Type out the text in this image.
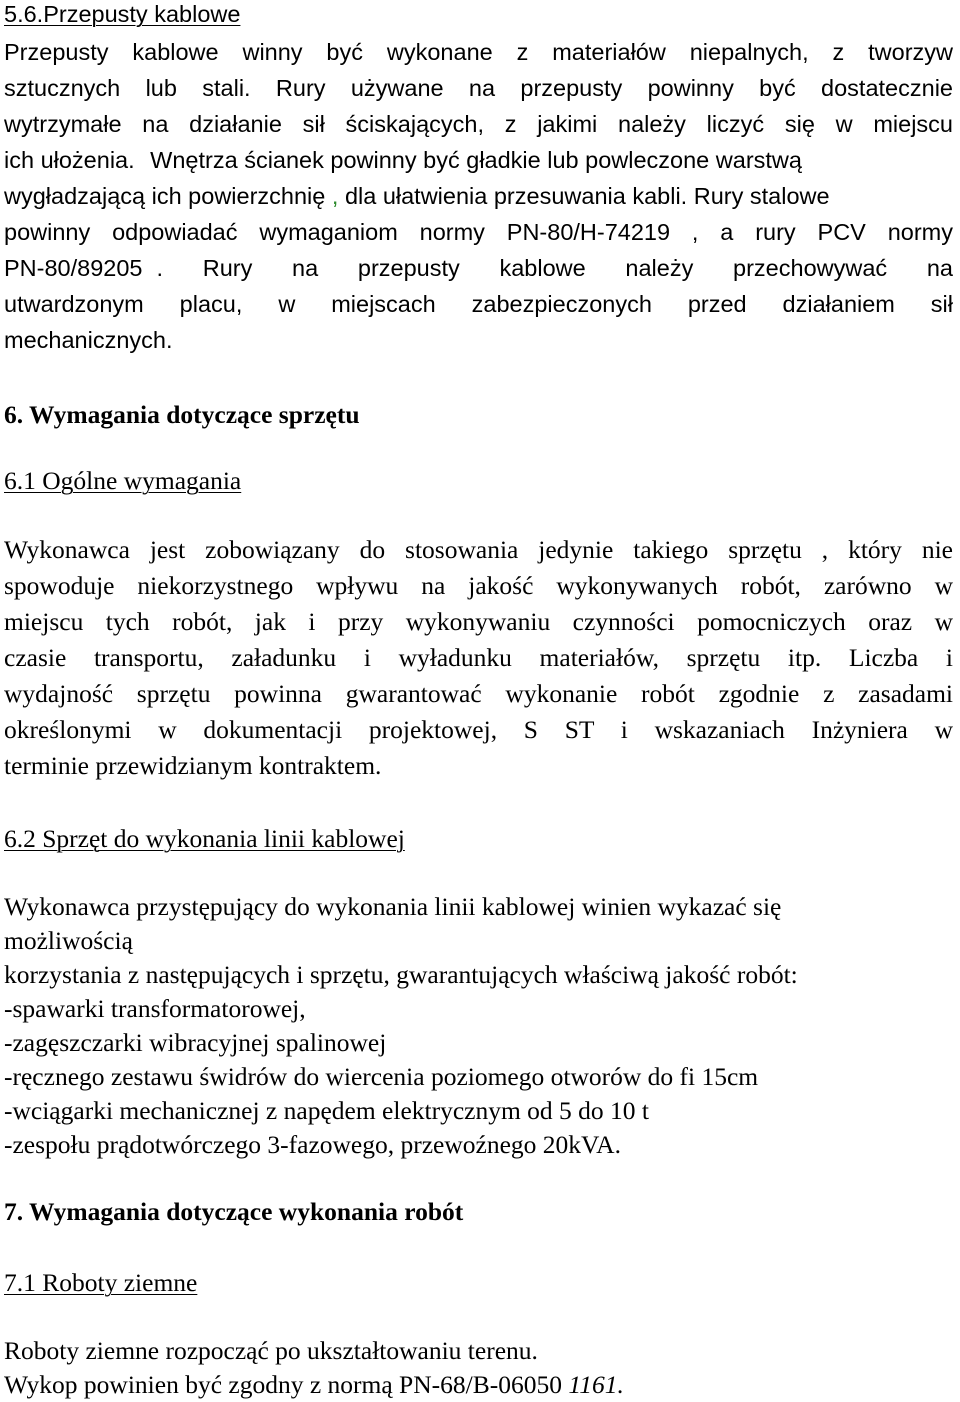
5.6.Przepusty kablowe
Przepusty kablowe winny być wykonane z materiałów niepalnych, z tworzyw
sztucznych lub stali. Rury używane na przepusty powinny być dostatecznie
wytrzymałe na działanie sił ściskających, z jakimi należy liczyć się w miejscu
ich ułożenia. Wnętrza ścianek powinny być gładkie lub powleczone warstwą
wygładzającą ich powierzchnię , dla ułatwienia przesuwania kabli. Rury stalowe
powinny odpowiadać wymaganiom normy PN-80/H-74219 , a rury PCV normy
PN-80/89205 . Rury na przepusty kablowe należy przechowywać na
utwardzonym placu, w miejscach zabezpieczonych przed działaniem sił
mechanicznych.
6. Wymagania dotyczące sprzętu
6.1 Ogólne wymagania
Wykonawca jest zobowiązany do stosowania jedynie takiego sprzętu , który nie
spowoduje niekorzystnego wpływu na jakość wykonywanych robót, zarówno w
miejscu tych robót, jak i przy wykonywaniu czynności pomocniczych oraz w
czasie transportu, załadunku i wyładunku materiałów, sprzętu itp. Liczba i
wydajność sprzętu powinna gwarantować wykonanie robót zgodnie z zasadami
określonymi w dokumentacji projektowej, S ST i wskazaniach Inżyniera w
terminie przewidzianym kontraktem.
6.2 Sprzęt do wykonania linii kablowej
Wykonawca przystępujący do wykonania linii kablowej winien wykazać się
możliwością
korzystania z następujących i sprzętu, gwarantujących właściwą jakość robót:
-spawarki transformatorowej,
-zagęszczarki wibracyjnej spalinowej
-ręcznego zestawu świdrów do wiercenia poziomego otworów do fi 15cm
-wciągarki mechanicznej z napędem elektrycznym od 5 do 10 t
-zespołu prądotwórczego 3-fazowego, przewoźnego 20kVA.
7. Wymagania dotyczące wykonania robót
7.1 Roboty ziemne
Roboty ziemne rozpocząć po ukształtowaniu terenu.
Wykop powinien być zgodny z normą PN-68/B-06050 1161.
